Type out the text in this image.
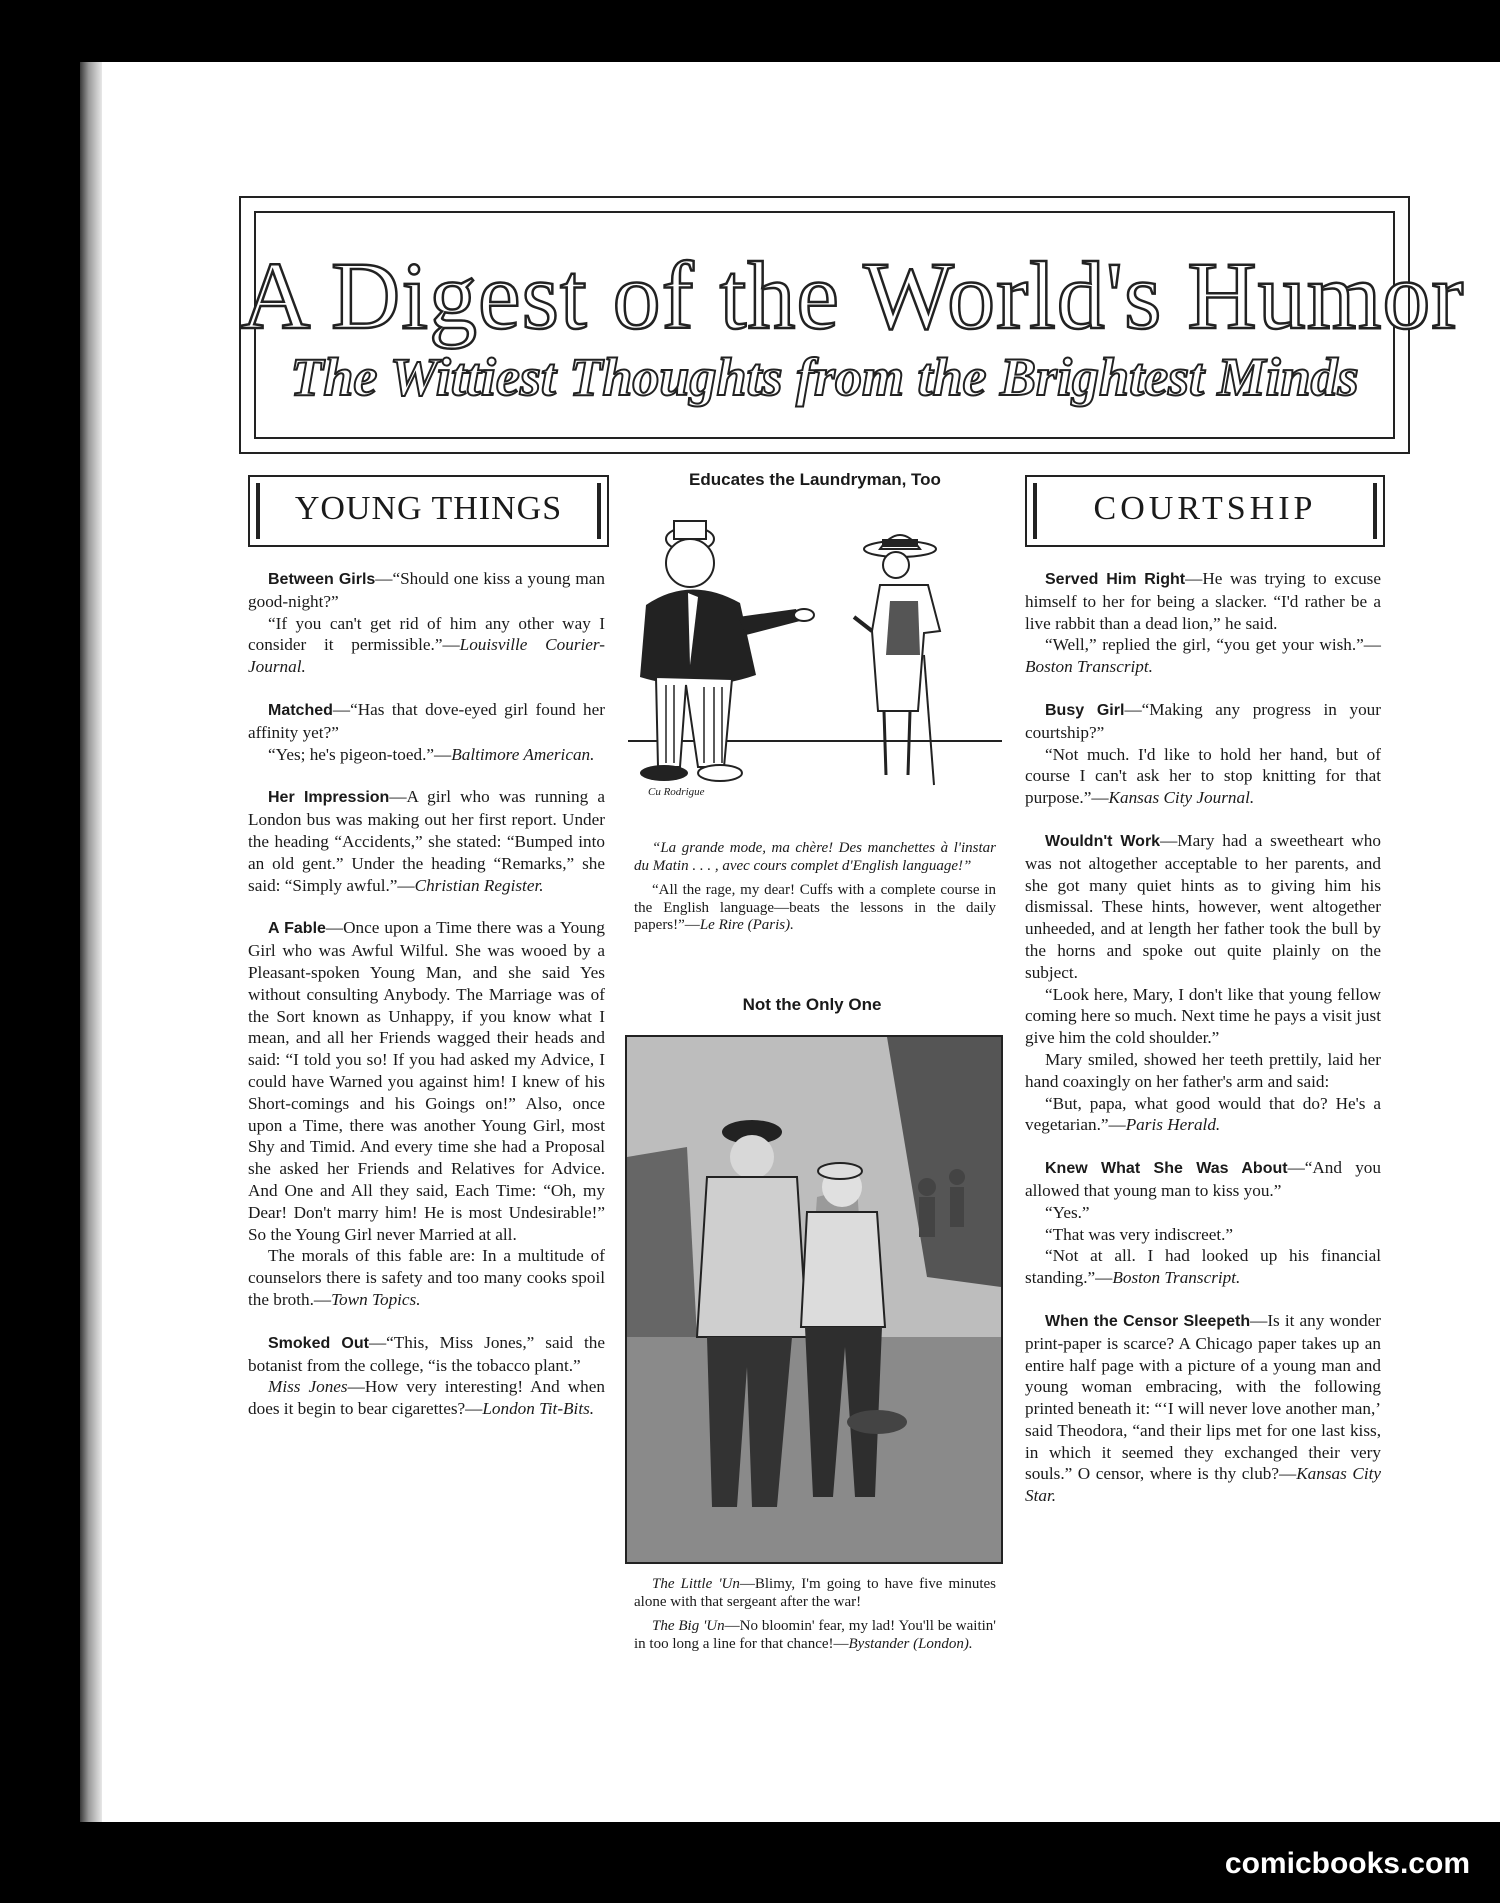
A Digest of the World's Humor
The Wittiest Thoughts from the Brightest Minds
YOUNG THINGS

Between Girls—“Should one kiss a young man good-night?”

“If you can't get rid of him any other way I consider it permissible.”—Louisville Courier-Journal.

Matched—“Has that dove-eyed girl found her affinity yet?”

“Yes; he's pigeon-toed.”—Baltimore American.

Her Impression—A girl who was running a London bus was making out her first report. Under the heading “Accidents,” she stated: “Bumped into an old gent.” Under the heading “Remarks,” she said: “Simply awful.”—Christian Register.

A Fable—Once upon a Time there was a Young Girl who was Awful Wilful. She was wooed by a Pleasant-spoken Young Man, and she said Yes without consulting Anybody. The Marriage was of the Sort known as Unhappy, if you know what I mean, and all her Friends wagged their heads and said: “I told you so! If you had asked my Advice, I could have Warned you against him! I knew of his Short-comings and his Goings on!” Also, once upon a Time, there was another Young Girl, most Shy and Timid. And every time she had a Proposal she asked her Friends and Relatives for Advice. And One and All they said, Each Time: “Oh, my Dear! Don't marry him! He is most Undesirable!” So the Young Girl never Married at all.

The morals of this fable are: In a multitude of counselors there is safety and too many cooks spoil the broth.—Town Topics.

Smoked Out—“This, Miss Jones,” said the botanist from the college, “is the tobacco plant.”

Miss Jones—How very interesting! And when does it begin to bear cigarettes?—London Tit-Bits.

Educates the Laundryman, Too
Cu Rodrigue

“La grande mode, ma chère! Des manchettes à l'instar du Matin . . . , avec cours complet d'English language!”

“All the rage, my dear! Cuffs with a complete course in the English language—beats the lessons in the daily papers!”—Le Rire (Paris).

Not the Only One

The Little 'Un—Blimy, I'm going to have five minutes alone with that sergeant after the war!

The Big 'Un—No bloomin' fear, my lad! You'll be waitin' in too long a line for that chance!—Bystander (London).

COURTSHIP

Served Him Right—He was trying to excuse himself to her for being a slacker. “I'd rather be a live rabbit than a dead lion,” he said.

“Well,” replied the girl, “you get your wish.”—Boston Transcript.

Busy Girl—“Making any progress in your courtship?”

“Not much. I'd like to hold her hand, but of course I can't ask her to stop knitting for that purpose.”—Kansas City Journal.

Wouldn't Work—Mary had a sweetheart who was not altogether acceptable to her parents, and she got many quiet hints as to giving him his dismissal. These hints, however, went altogether unheeded, and at length her father took the bull by the horns and spoke out quite plainly on the subject.

“Look here, Mary, I don't like that young fellow coming here so much. Next time he pays a visit just give him the cold shoulder.”

Mary smiled, showed her teeth prettily, laid her hand coaxingly on her father's arm and said:

“But, papa, what good would that do? He's a vegetarian.”—Paris Herald.

Knew What She Was About—“And you allowed that young man to kiss you.”

“Yes.”

“That was very indiscreet.”

“Not at all. I had looked up his financial standing.”—Boston Transcript.

When the Censor Sleepeth—Is it any wonder print-paper is scarce? A Chicago paper takes up an entire half page with a picture of a young man and young woman embracing, with the following printed beneath it: “‘I will never love another man,’ said Theodora, “and their lips met for one last kiss, in which it seemed they exchanged their very souls.” O censor, where is thy club?—Kansas City Star.

comicbooks.com
